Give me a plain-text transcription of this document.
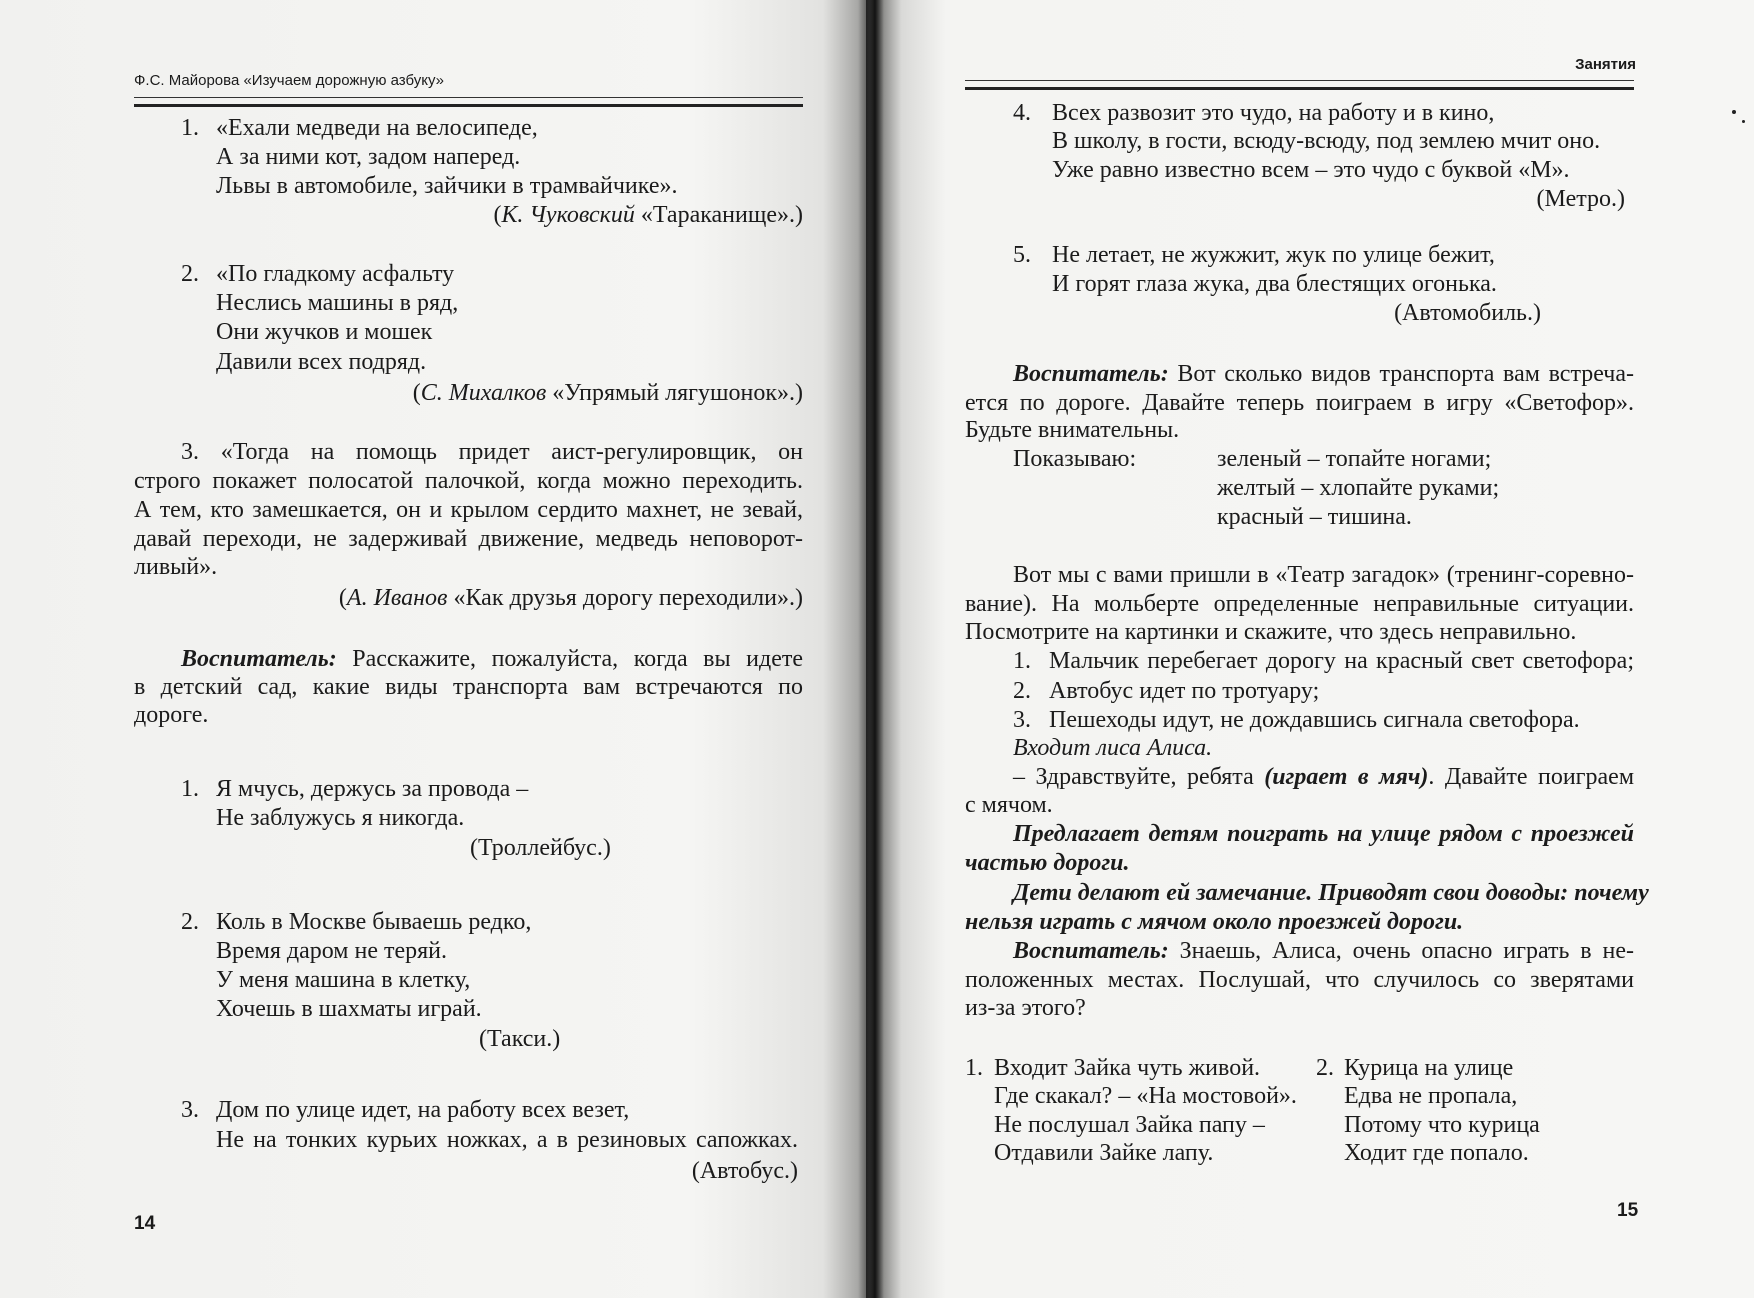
Ф.С. Майорова «Изучаем дорожную азбуку»
1. «Ехали медведи на велосипеде,
А за ними кот, задом наперед.
Львы в автомобиле, зайчики в трамвайчике».
(К. Чуковский «Тараканище».)
2. «По гладкому асфальту
Неслись машины в ряд,
Они жучков и мошек
Давили всех подряд.
(С. Михалков «Упрямый лягушонок».)
3. «Тогда на помощь придет аист-регулировщик, он
строго покажет полосатой палочкой, когда можно переходить.
А тем, кто замешкается, он и крылом сердито махнет, не зевай,
давай переходи, не задерживай движение, медведь неповорот-
ливый».
(А. Иванов «Как друзья дорогу переходили».)
Воспитатель: Расскажите, пожалуйста, когда вы идете
в детский сад, какие виды транспорта вам встречаются по
дороге.
1. Я мчусь, держусь за провода –
Не заблужусь я никогда.
(Троллейбус.)
2. Коль в Москве бываешь редко,
Время даром не теряй.
У меня машина в клетку,
Хочешь в шахматы играй.
(Такси.)
3. Дом по улице идет, на работу всех везет,
Не на тонких курьих ножках, а в резиновых сапожках.
(Автобус.)
14
Занятия
4. Всех развозит это чудо, на работу и в кино,
В школу, в гости, всюду-всюду, под землею мчит оно.
Уже равно известно всем – это чудо с буквой «М».
(Метро.)
5. Не летает, не жужжит, жук по улице бежит,
И горят глаза жука, два блестящих огонька.
(Автомобиль.)
Воспитатель: Вот сколько видов транспорта вам встреча-
ется по дороге. Давайте теперь поиграем в игру «Светофор».
Будьте внимательны.
Показываю:	зеленый – топайте ногами;
желтый – хлопайте руками;
красный – тишина.
Вот мы с вами пришли в «Театр загадок» (тренинг-соревно-
вание). На мольберте определенные неправильные ситуации.
Посмотрите на картинки и скажите, что здесь неправильно.
1. Мальчик перебегает дорогу на красный свет светофора;
2. Автобус идет по тротуару;
3. Пешеходы идут, не дождавшись сигнала светофора.
Входит лиса Алиса.
– Здравствуйте, ребята (играет в мяч). Давайте поиграем
с мячом.
Предлагает детям поиграть на улице рядом с проезжей
частью дороги.
Дети делают ей замечание. Приводят свои доводы: почему
нельзя играть с мячом около проезжей дороги.
Воспитатель: Знаешь, Алиса, очень опасно играть в не-
положенных местах. Послушай, что случилось со зверятами
из-за этого?
1. Входит Зайка чуть живой.
Где скакал? – «На мостовой».
Не послушал Зайка папу –
Отдавили Зайке лапу.
2. Курица на улице
Едва не пропала,
Потому что курица
Ходит где попало.
15
